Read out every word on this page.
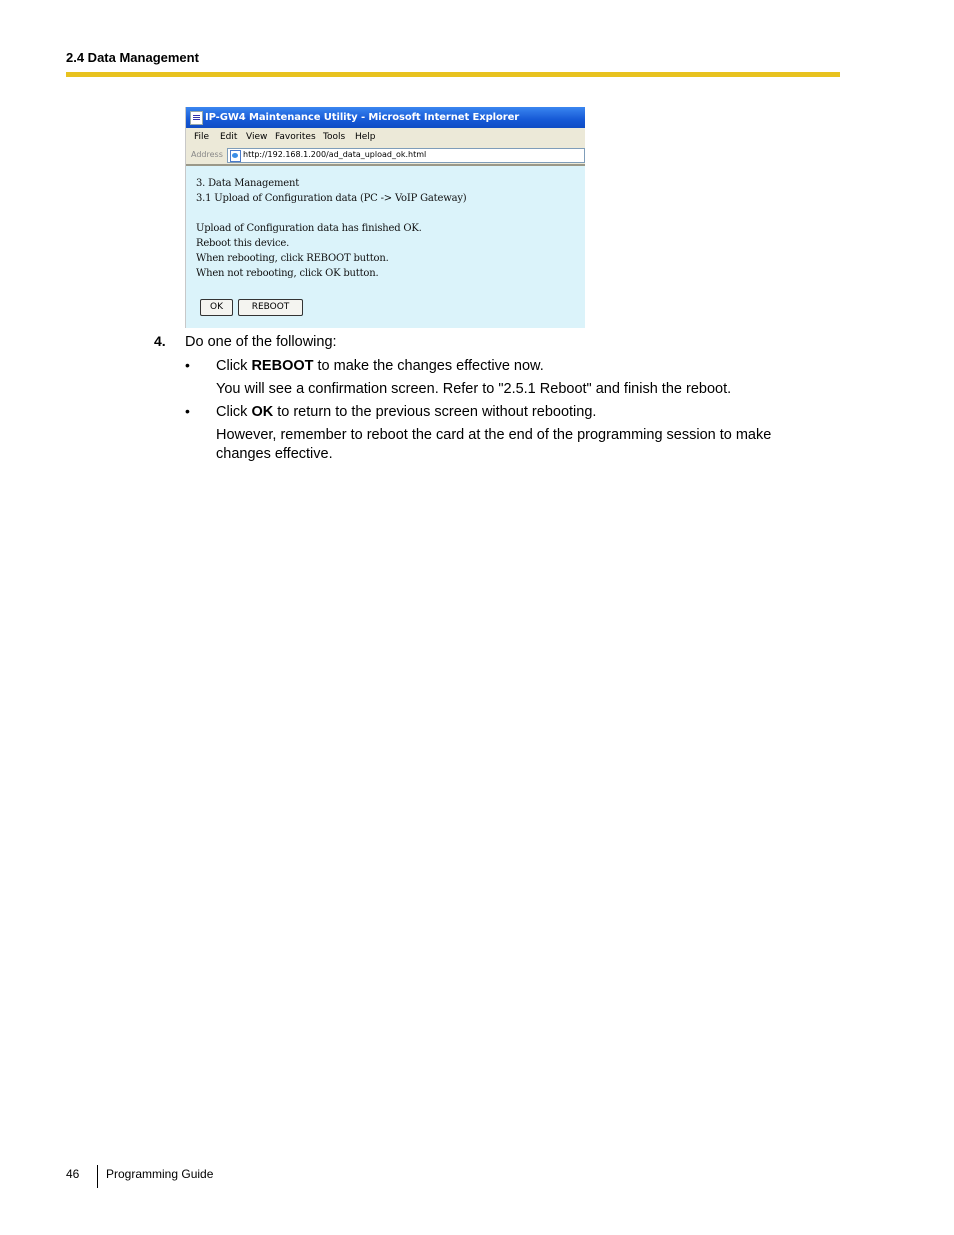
2.4 Data Management
IP-GW4 Maintenance Utility - Microsoft Internet Explorer
File Edit View Favorites Tools Help
Address	http://192.168.1.200/ad_data_upload_ok.html
3. Data Management
3.1 Upload of Configuration data (PC -> VoIP Gateway)
Upload of Configuration data has finished OK.
Reboot this device.
When rebooting, click REBOOT button.
When not rebooting, click OK button.
OK	REBOOT
4. Do one of the following:
• Click REBOOT to make the changes effective now.
You will see a confirmation screen. Refer to "2.5.1 Reboot" and finish the reboot.
• Click OK to return to the previous screen without rebooting.
However, remember to reboot the card at the end of the programming session to make
changes effective.
46 Programming Guide
